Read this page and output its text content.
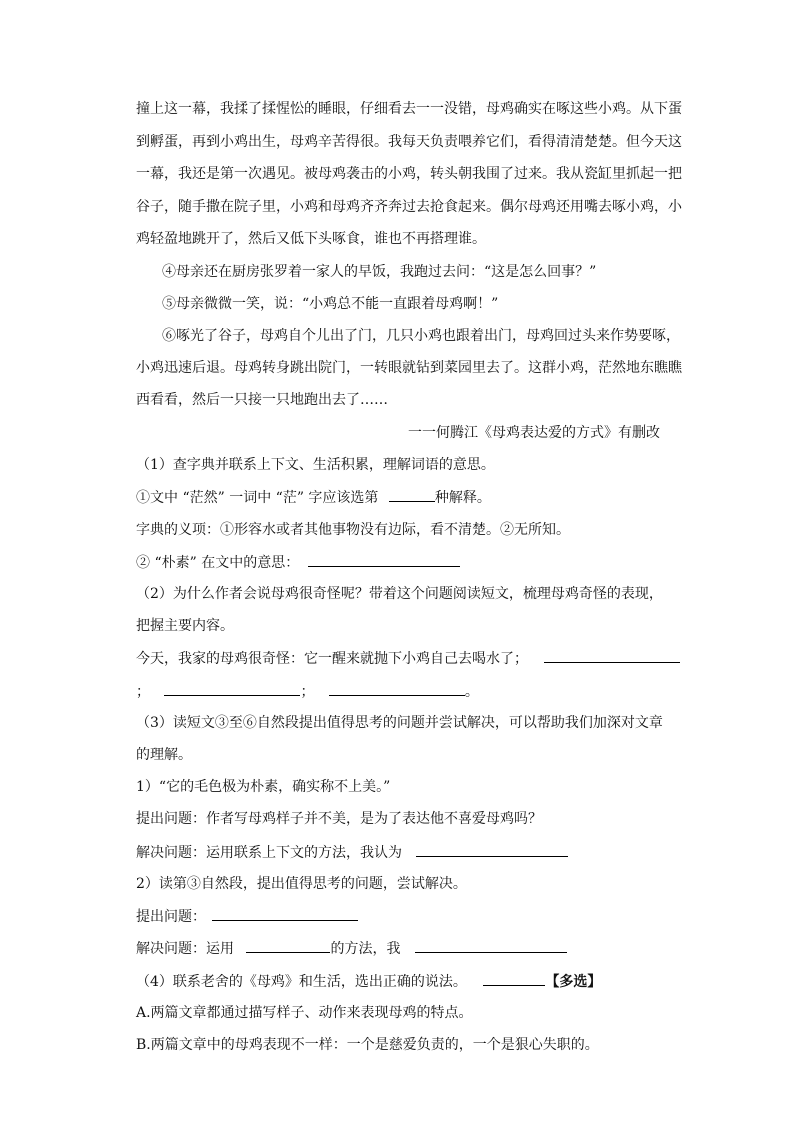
撞上这一幕，我揉了揉惺忪的睡眼，仔细看去一一没错，母鸡确实在啄这些小鸡。从下蛋
到孵蛋，再到小鸡出生，母鸡辛苦得很。我每天负责喂养它们，看得清清楚楚。但今天这
一幕，我还是第一次遇见。被母鸡袭击的小鸡，转头朝我围了过来。我从瓷缸里抓起一把
谷子，随手撒在院子里，小鸡和母鸡齐齐奔过去抢食起来。偶尔母鸡还用嘴去啄小鸡，小
鸡轻盈地跳开了，然后又低下头啄食，谁也不再搭理谁。
④母亲还在厨房张罗着一家人的早饭，我跑过去问：“这是怎么回事？”
⑤母亲微微一笑，说：“小鸡总不能一直跟着母鸡啊！”
⑥啄光了谷子，母鸡自个儿出了门，几只小鸡也跟着出门，母鸡回过头来作势要啄，
小鸡迅速后退。母鸡转身跳出院门，一转眼就钻到菜园里去了。这群小鸡，茫然地东瞧瞧
西看看，然后一只接一只地跑出去了……
一一何腾江《母鸡表达爱的方式》有删改
（1）查字典并联系上下文、生活积累，理解词语的意思。
①文中 “茫然” 一词中 “茫” 字应该选第	种解释。
字典的义项：①形容水或者其他事物没有边际，看不清楚。②无所知。
② “朴素” 在文中的意思：
（2）为什么作者会说母鸡很奇怪呢？带着这个问题阅读短文，梳理母鸡奇怪的表现，
把握主要内容。
今天，我家的母鸡很奇怪：它一醒来就抛下小鸡自己去喝水了；
；	；	。
（3）读短文③至⑥自然段提出值得思考的问题并尝试解决，可以帮助我们加深对文章
的理解。
1）“它的毛色极为朴素，确实称不上美。”
提出问题：作者写母鸡样子并不美，是为了表达他不喜爱母鸡吗？
解决问题：运用联系上下文的方法，我认为
2）读第③自然段，提出值得思考的问题，尝试解决。
提出问题：
解决问题：运用	的方法，我
（4）联系老舍的《母鸡》和生活，选出正确的说法。	【多选】
A.两篇文章都通过描写样子、动作来表现母鸡的特点。
B.两篇文章中的母鸡表现不一样：一个是慈爱负责的，一个是狠心失职的。
